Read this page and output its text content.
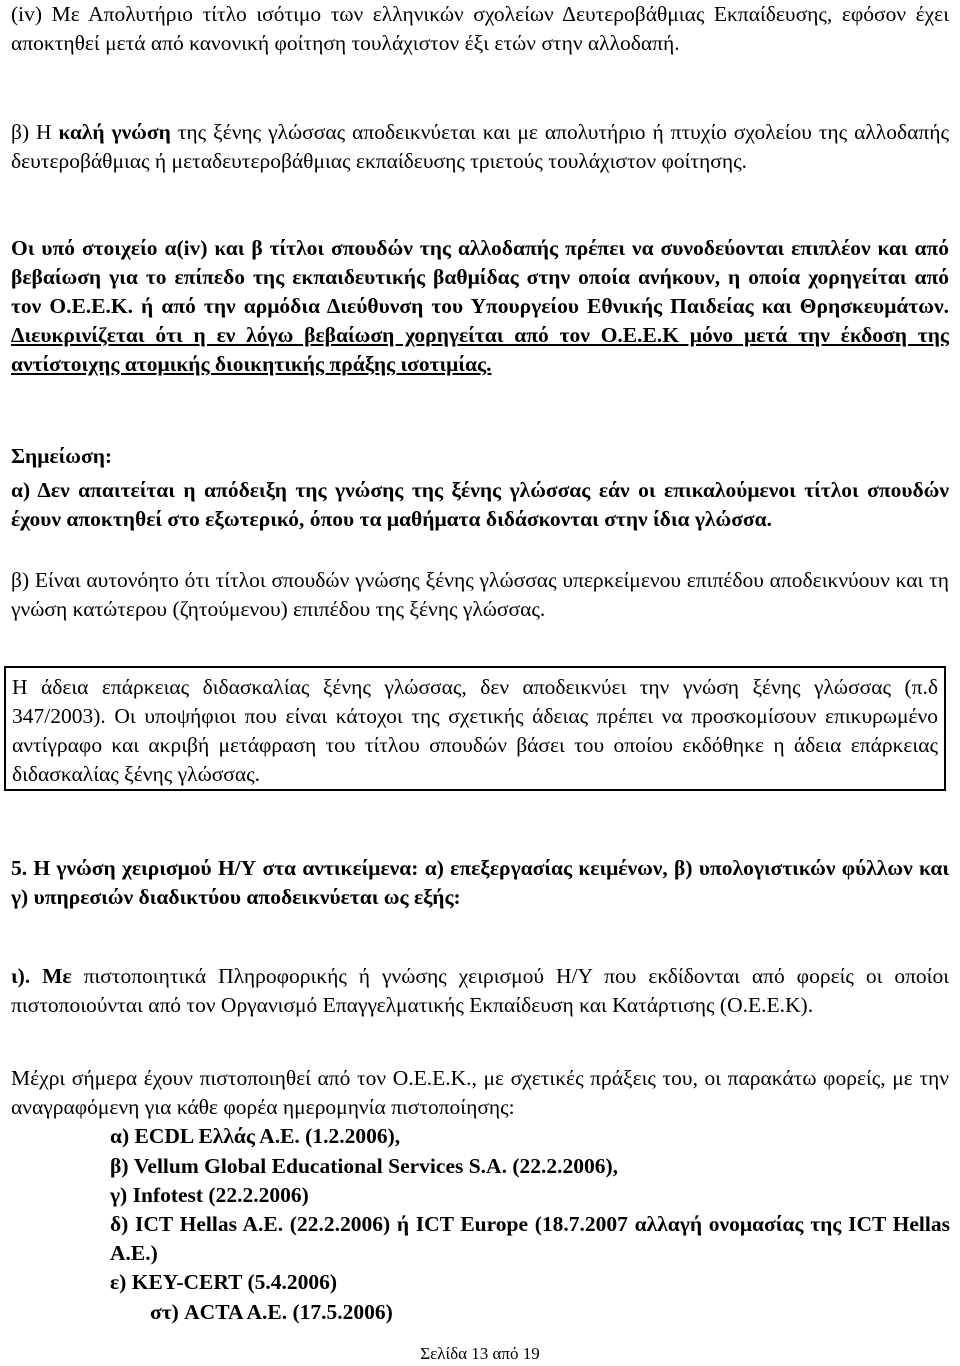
(iv) Με Απολυτήριο τίτλο ισότιμο των ελληνικών σχολείων Δευτεροβάθμιας Εκπαίδευσης, εφόσον έχει αποκτηθεί μετά από κανονική φοίτηση τουλάχιστον έξι ετών στην αλλοδαπή.

β) Η καλή γνώση της ξένης γλώσσας αποδεικνύεται και με απολυτήριο ή πτυχίο σχολείου της αλλοδαπής δευτεροβάθμιας ή μεταδευτεροβάθμιας εκπαίδευσης τριετούς τουλάχιστον φοίτησης.

Οι υπό στοιχείο α(iv) και β τίτλοι σπουδών της αλλοδαπής πρέπει να συνοδεύονται επιπλέον και από βεβαίωση για το επίπεδο της εκπαιδευτικής βαθμίδας στην οποία ανήκουν, η οποία χορηγείται από τον Ο.Ε.Ε.Κ. ή από την αρμόδια Διεύθυνση του Υπουργείου Εθνικής Παιδείας και Θρησκευμάτων. Διευκρινίζεται ότι η εν λόγω βεβαίωση χορηγείται από τον Ο.Ε.Ε.Κ μόνο μετά την έκδοση της αντίστοιχης ατομικής διοικητικής πράξης ισοτιμίας.

Σημείωση:

α) Δεν απαιτείται η απόδειξη της γνώσης της ξένης γλώσσας εάν οι επικαλούμενοι τίτλοι σπουδών έχουν αποκτηθεί στο εξωτερικό, όπου τα μαθήματα διδάσκονται στην ίδια γλώσσα.

β) Είναι αυτονόητο ότι τίτλοι σπουδών γνώσης ξένης γλώσσας υπερκείμενου επιπέδου αποδεικνύουν και τη γνώση κατώτερου (ζητούμενου) επιπέδου της ξένης γλώσσας.

Η άδεια επάρκειας διδασκαλίας ξένης γλώσσας, δεν αποδεικνύει την γνώση ξένης γλώσσας (π.δ 347/2003). Οι υποψήφιοι που είναι κάτοχοι της σχετικής άδειας πρέπει να προσκομίσουν επικυρωμένο αντίγραφο και ακριβή μετάφραση του τίτλου σπουδών βάσει του οποίου εκδόθηκε η άδεια επάρκειας διδασκαλίας ξένης γλώσσας.

5. Η γνώση χειρισμού Η/Υ στα αντικείμενα: α) επεξεργασίας κειμένων, β) υπολογιστικών φύλλων και γ) υπηρεσιών διαδικτύου αποδεικνύεται ως εξής:

ι). Με πιστοποιητικά Πληροφορικής ή γνώσης χειρισμού Η/Υ που εκδίδονται από φορείς οι οποίοι πιστοποιούνται από τον Οργανισμό Επαγγελματικής Εκπαίδευση και Κατάρτισης (Ο.Ε.Ε.Κ).

Μέχρι σήμερα έχουν πιστοποιηθεί από τον Ο.Ε.Ε.Κ., με σχετικές πράξεις του, οι παρακάτω φορείς, με την αναγραφόμενη για κάθε φορέα ημερομηνία πιστοποίησης:

α) ECDL Ελλάς Α.Ε. (1.2.2006),

β) Vellum Global Educational Services S.A. (22.2.2006),

γ) Infotest (22.2.2006)

δ) ICT Hellas A.E. (22.2.2006) ή ICT Europe (18.7.2007 αλλαγή ονομασίας της ICT Hellas A.E.)

ε) KEY-CERT (5.4.2006)

στ) ACTA A.E. (17.5.2006)

Σελίδα 13 από 19
